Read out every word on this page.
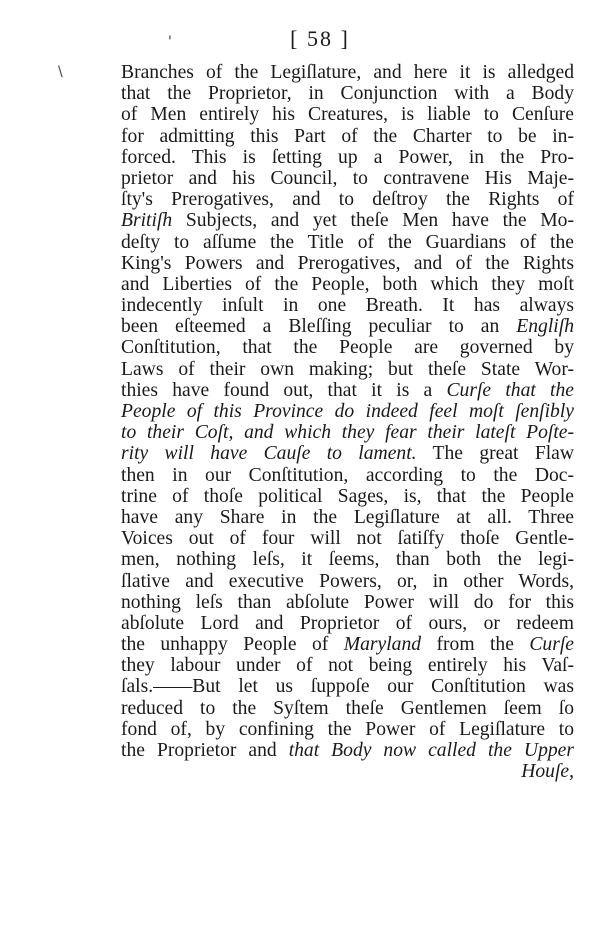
[ 58 ]
Branches of the Legiſlature, and here it is alledged
that the Proprietor, in Conjunction with a Body
of Men entirely his Creatures, is liable to Cenſure
for admitting this Part of the Charter to be in-
forced. This is ſetting up a Power, in the Pro-
prietor and his Council, to contravene His Maje-
ſty's Prerogatives, and to deſtroy the Rights of
Britiſh Subjects, and yet theſe Men have the Mo-
deſty to aſſume the Title of the Guardians of the
King's Powers and Prerogatives, and of the Rights
and Liberties of the People, both which they moſt
indecently inſult in one Breath. It has always
been eſteemed a Bleſſing peculiar to an Engliſh
Conſtitution, that the People are governed by
Laws of their own making; but theſe State Wor-
thies have found out, that it is a Curſe that the
People of this Province do indeed feel moſt ſenſibly
to their Coſt, and which they fear their lateſt Poſte-
rity will have Cauſe to lament. The great Flaw
then in our Conſtitution, according to the Doc-
trine of thoſe political Sages, is, that the People
have any Share in the Legiſlature at all. Three
Voices out of four will not ſatiſfy thoſe Gentle-
men, nothing leſs, it ſeems, than both the legi-
ſlative and executive Powers, or, in other Words,
nothing leſs than abſolute Power will do for this
abſolute Lord and Proprietor of ours, or redeem
the unhappy People of Maryland from the Curſe
they labour under of not being entirely his Vaſ-
ſals.——But let us ſuppoſe our Conſtitution was
reduced to the Syſtem theſe Gentlemen ſeem ſo
fond of, by confining the Power of Legiſlature to
the Proprietor and that Body now called the Upper
Houſe,
\
'
